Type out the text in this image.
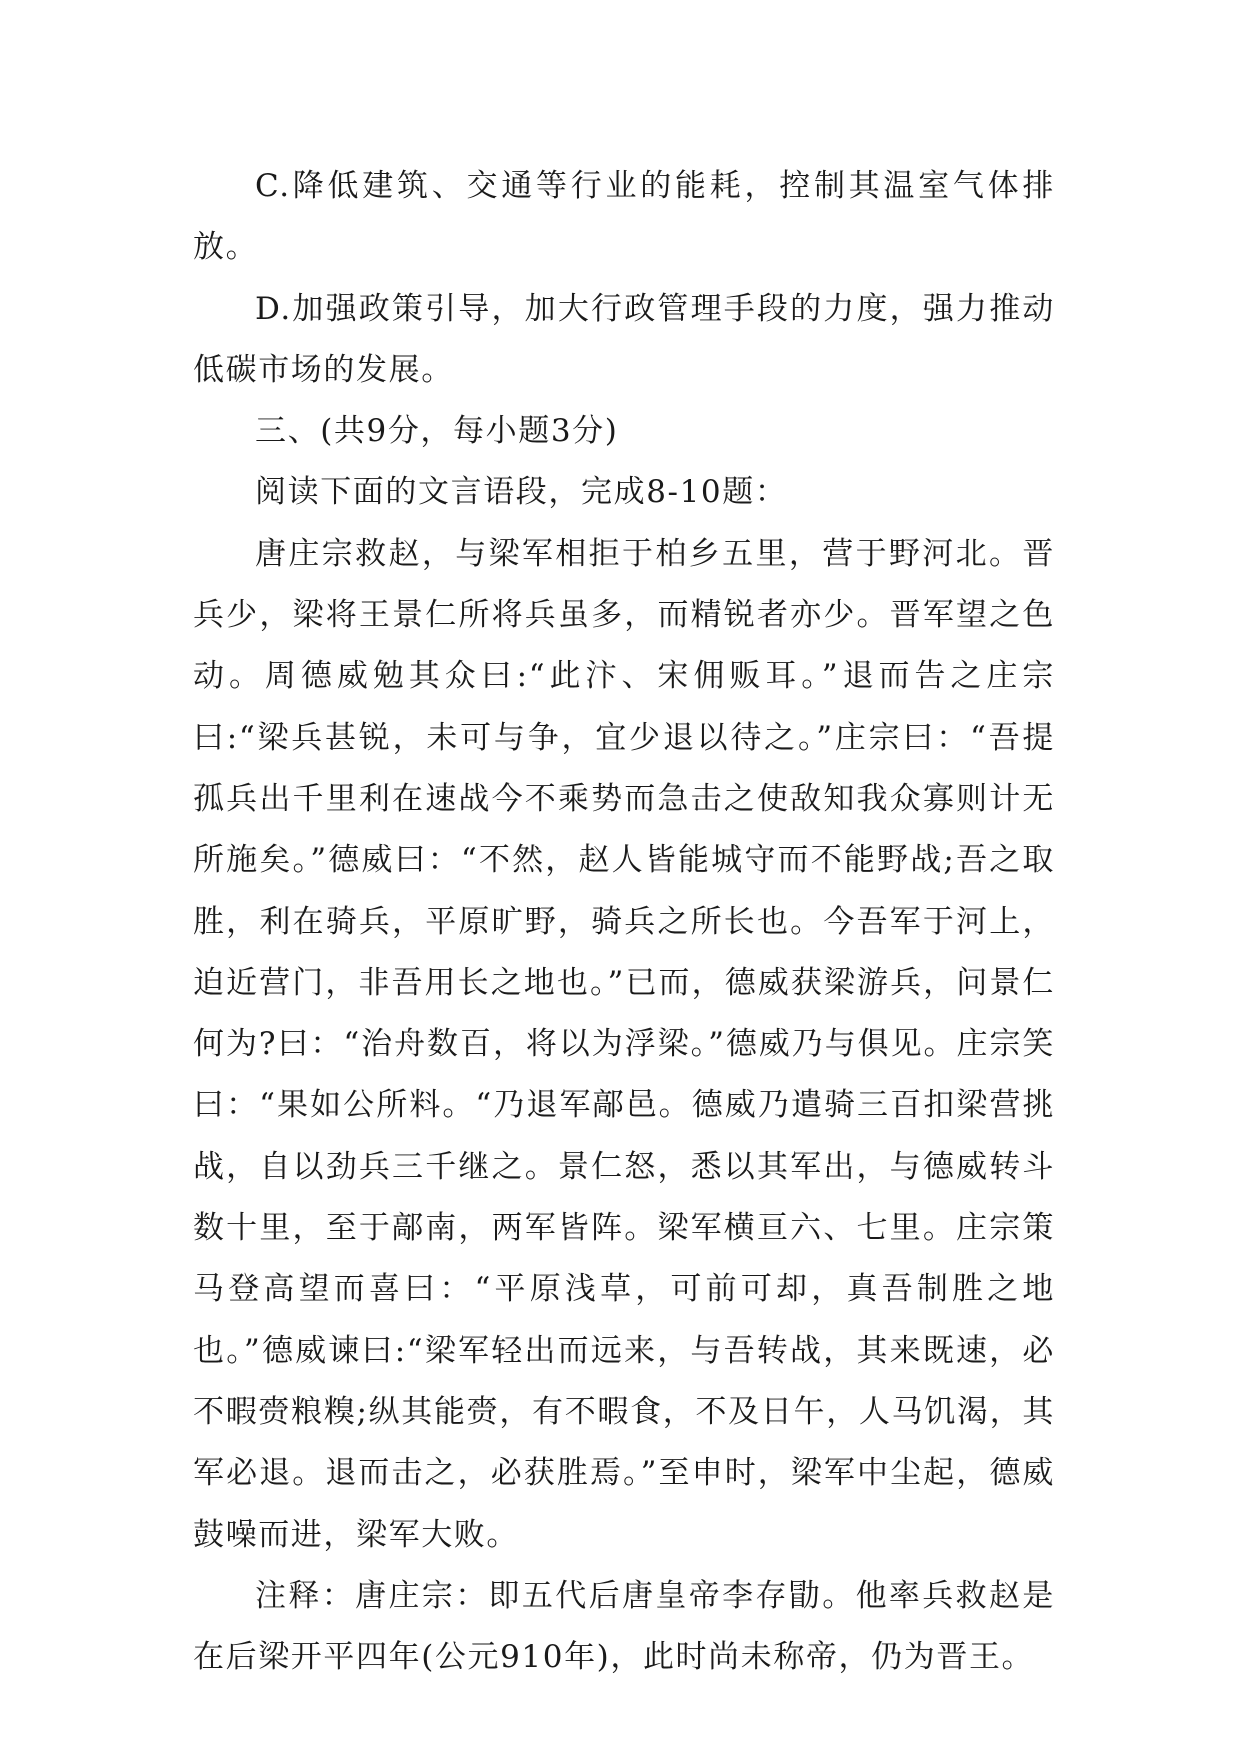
C.降低建筑、交通等行业的能耗，控制其温室气体排放。

D.加强政策引导，加大行政管理手段的力度，强力推动低碳市场的发展。

三、(共9分，每小题3分)

阅读下面的文言语段，完成8-10题：

唐庄宗救赵，与梁军相拒于柏乡五里，营于野河北。晋兵少，梁将王景仁所将兵虽多，而精锐者亦少。晋军望之色动。周德威勉其众曰:“此汴、宋佣贩耳。”退而告之庄宗曰:“梁兵甚锐，未可与争，宜少退以待之。”庄宗曰：“吾提孤兵出千里利在速战今不乘势而急击之使敌知我众寡则计无所施矣。”德威曰：“不然，赵人皆能城守而不能野战;吾之取胜，利在骑兵，平原旷野，骑兵之所长也。今吾军于河上，迫近营门，非吾用长之地也。”已而，德威获梁游兵，问景仁何为?曰：“治舟数百，将以为浮梁。”德威乃与俱见。庄宗笑曰：“果如公所料。“乃退军鄗邑。德威乃遣骑三百扣梁营挑战，自以劲兵三千继之。景仁怒，悉以其军出，与德威转斗数十里，至于鄗南，两军皆阵。梁军横亘六、七里。庄宗策马登高望而喜曰：“平原浅草，可前可却，真吾制胜之地也。”德威谏曰:“梁军轻出而远来，与吾转战，其来既速，必不暇赍粮糗;纵其能赍，有不暇食，不及日午，人马饥渴，其军必退。退而击之，必获胜焉。”至申时，梁军中尘起，德威鼓噪而进，梁军大败。

注释：唐庄宗：即五代后唐皇帝李存勖。他率兵救赵是在后梁开平四年(公元910年)，此时尚未称帝，仍为晋王。
